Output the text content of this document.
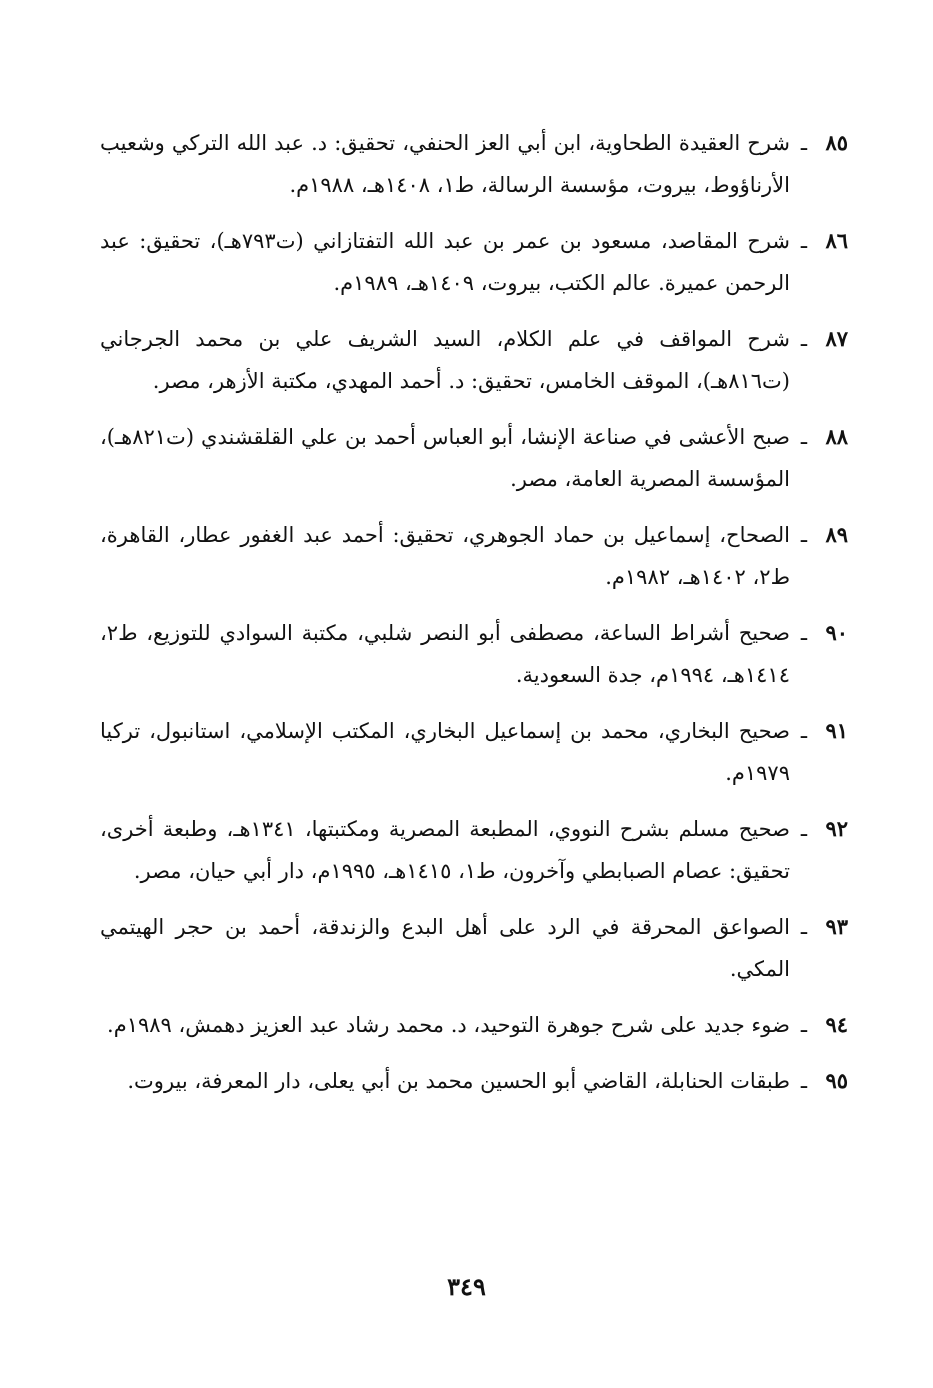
٨٥
ـ
شرح العقيدة الطحاوية، ابن أبي العز الحنفي، تحقيق: د. عبد الله التركي وشعيب الأرناؤوط، بيروت، مؤسسة الرسالة، ط١، ١٤٠٨هـ، ١٩٨٨م.
٨٦
ـ
شرح المقاصد، مسعود بن عمر بن عبد الله التفتازاني (ت٧٩٣هـ)، تحقيق: عبد الرحمن عميرة. عالم الكتب، بيروت، ١٤٠٩هـ، ١٩٨٩م.
٨٧
ـ
شرح المواقف في علم الكلام، السيد الشريف علي بن محمد الجرجاني (ت٨١٦هـ)، الموقف الخامس، تحقيق: د. أحمد المهدي، مكتبة الأزهر، مصر.
٨٨
ـ
صبح الأعشى في صناعة الإنشا، أبو العباس أحمد بن علي القلقشندي (ت٨٢١هـ)، المؤسسة المصرية العامة، مصر.
٨٩
ـ
الصحاح، إسماعيل بن حماد الجوهري، تحقيق: أحمد عبد الغفور عطار، القاهرة، ط٢، ١٤٠٢هـ، ١٩٨٢م.
٩٠
ـ
صحيح أشراط الساعة، مصطفى أبو النصر شلبي، مكتبة السوادي للتوزيع، ط٢، ١٤١٤هـ، ١٩٩٤م، جدة السعودية.
٩١
ـ
صحيح البخاري، محمد بن إسماعيل البخاري، المكتب الإسلامي، استانبول، تركيا ١٩٧٩م.
٩٢
ـ
صحيح مسلم بشرح النووي، المطبعة المصرية ومكتبتها، ١٣٤١هـ، وطبعة أخرى، تحقيق: عصام الصبابطي وآخرون، ط١، ١٤١٥هـ، ١٩٩٥م، دار أبي حيان، مصر.
٩٣
ـ
الصواعق المحرقة في الرد على أهل البدع والزندقة، أحمد بن حجر الهيتمي المكي.
٩٤
ـ
ضوء جديد على شرح جوهرة التوحيد، د. محمد رشاد عبد العزيز دهمش، ١٩٨٩م.
٩٥
ـ
طبقات الحنابلة، القاضي أبو الحسين محمد بن أبي يعلى، دار المعرفة، بيروت.
٣٤٩
